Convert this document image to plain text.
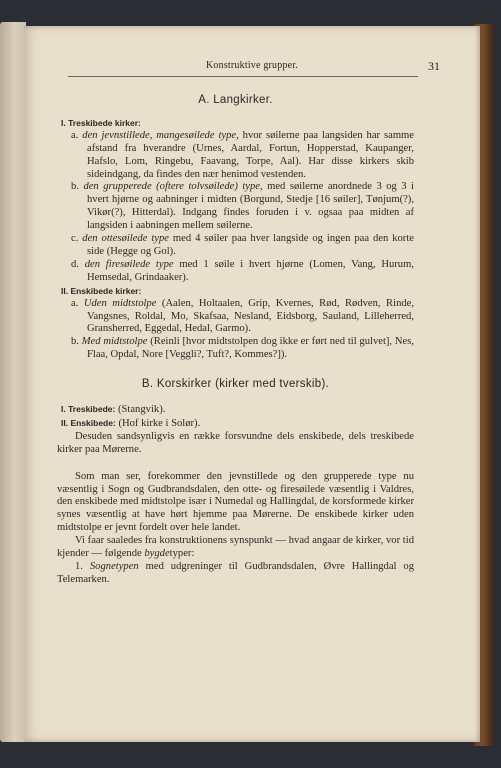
Konstruktive grupper.	31
A. Langkirker.

I. Treskibede kirker:

a. den jevnstillede, mangesøilede type, hvor søilerne paa langsiden har samme afstand fra hverandre (Urnes, Aardal, Fortun, Hopperstad, Kaupanger, Hafslo, Lom, Ringebu, Faavang, Torpe, Aal). Har disse kirkers skib sideindgang, da findes den nær henimod vestenden.

b. den grupperede (oftere tolvsøilede) type, med søilerne anordnede 3 og 3 i hvert hjørne og aabninger i midten (Borgund, Stedje [16 søiler], Tønjum(?), Vikør(?), Hitterdal). Indgang findes foruden i v. ogsaa paa midten af langsiden i aabningen mellem søilerne.

c. den ottesøilede type med 4 søiler paa hver langside og ingen paa den korte side (Hegge og Gol).

d. den firesøilede type med 1 søile i hvert hjørne (Lomen, Vang, Hurum, Hemsedal, Grindaaker).

II. Enskibede kirker:

a. Uden midtstolpe (Aalen, Holtaalen, Grip, Kvernes, Rød, Rødven, Rinde, Vangsnes, Roldal, Mo, Skafsaa, Nesland, Eidsborg, Sauland, Lilleherred, Gransherred, Eggedal, Hedal, Garmo).

b. Med midtstolpe (Reinli [hvor midtstolpen dog ikke er ført ned til gulvet], Nes, Flaa, Opdal, Nore [Veggli?, Tuft?, Kommes?]).

B. Korskirker (kirker med tverskib).

I. Treskibede: (Stangvik).

II. Enskibede: (Hof kirke i Solør).

Desuden sandsynligvis en række forsvundne dels enskibede, dels treskibede kirker paa Mørerne.

Som man ser, forekommer den jevnstillede og den grupperede type nu væsentlig i Sogn og Gudbrandsdalen, den otte- og firesøilede væsentlig i Valdres, den enskibede med midtstolpe især i Numedal og Hallingdal, de korsformede kirker synes væsentlig at have hørt hjemme paa Mørerne. De enskibede kirker uden midtstolpe er jevnt fordelt over hele landet.

Vi faar saaledes fra konstruktionens synspunkt — hvad angaar de kirker, vor tid kjender — følgende bygdetyper:

1. Sognetypen med udgreninger til Gudbrandsdalen, Øvre Hallingdal og Telemarken.
